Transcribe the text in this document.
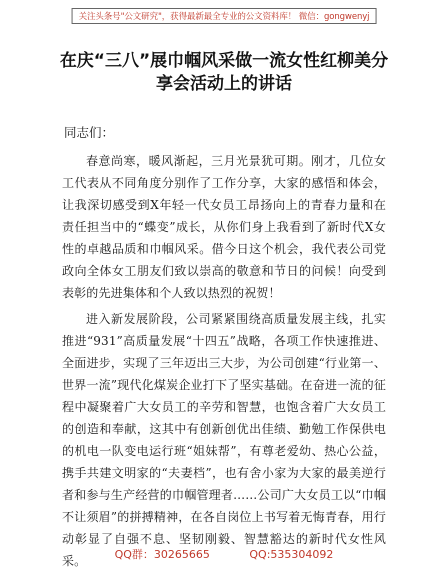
关注头条号"公文研究"，获得最新最全专业的公文资料库！ 微信：gongwenyj
在庆“三八”展巾帼风采做一流女性红柳美分享会活动上的讲话
同志们：

春意尚寒，暖风渐起，三月光景犹可期。刚才，几位女工代表从不同角度分别作了工作分享，大家的感悟和体会，让我深切感受到Ⅹ年轻一代女员工昂扬向上的青春力量和在责任担当中的“蝶变”成长，从你们身上我看到了新时代Ⅹ女性的卓越品质和巾帼风采。借今日这个机会，我代表公司党政向全体女工朋友们致以崇高的敬意和节日的问候！向受到表彰的先进集体和个人致以热烈的祝贺！

进入新发展阶段，公司紧紧围绕高质量发展主线，扎实推进“931”高质量发展“十四五”战略，各项工作快速推进、全面进步，实现了三年迈出三大步，为公司创建“行业第一、世界一流”现代化煤炭企业打下了坚实基础。在奋进一流的征程中凝聚着广大女员工的辛劳和智慧，也饱含着广大女员工的创造和奉献，这其中有创新创优出佳绩、勤勉工作保供电的机电一队变电运行班“姐妹帮”，有尊老爱幼、热心公益，携手共建文明家的“夫妻档”，也有舍小家为大家的最美逆行者和参与生产经营的巾帼管理者……公司广大女员工以“巾帼不让须眉”的拼搏精神，在各自岗位上书写着无悔青春，用行动彰显了自强不息、坚韧刚毅、智慧豁达的新时代女性风采。	QQ群：30265665	QQ:535304092
